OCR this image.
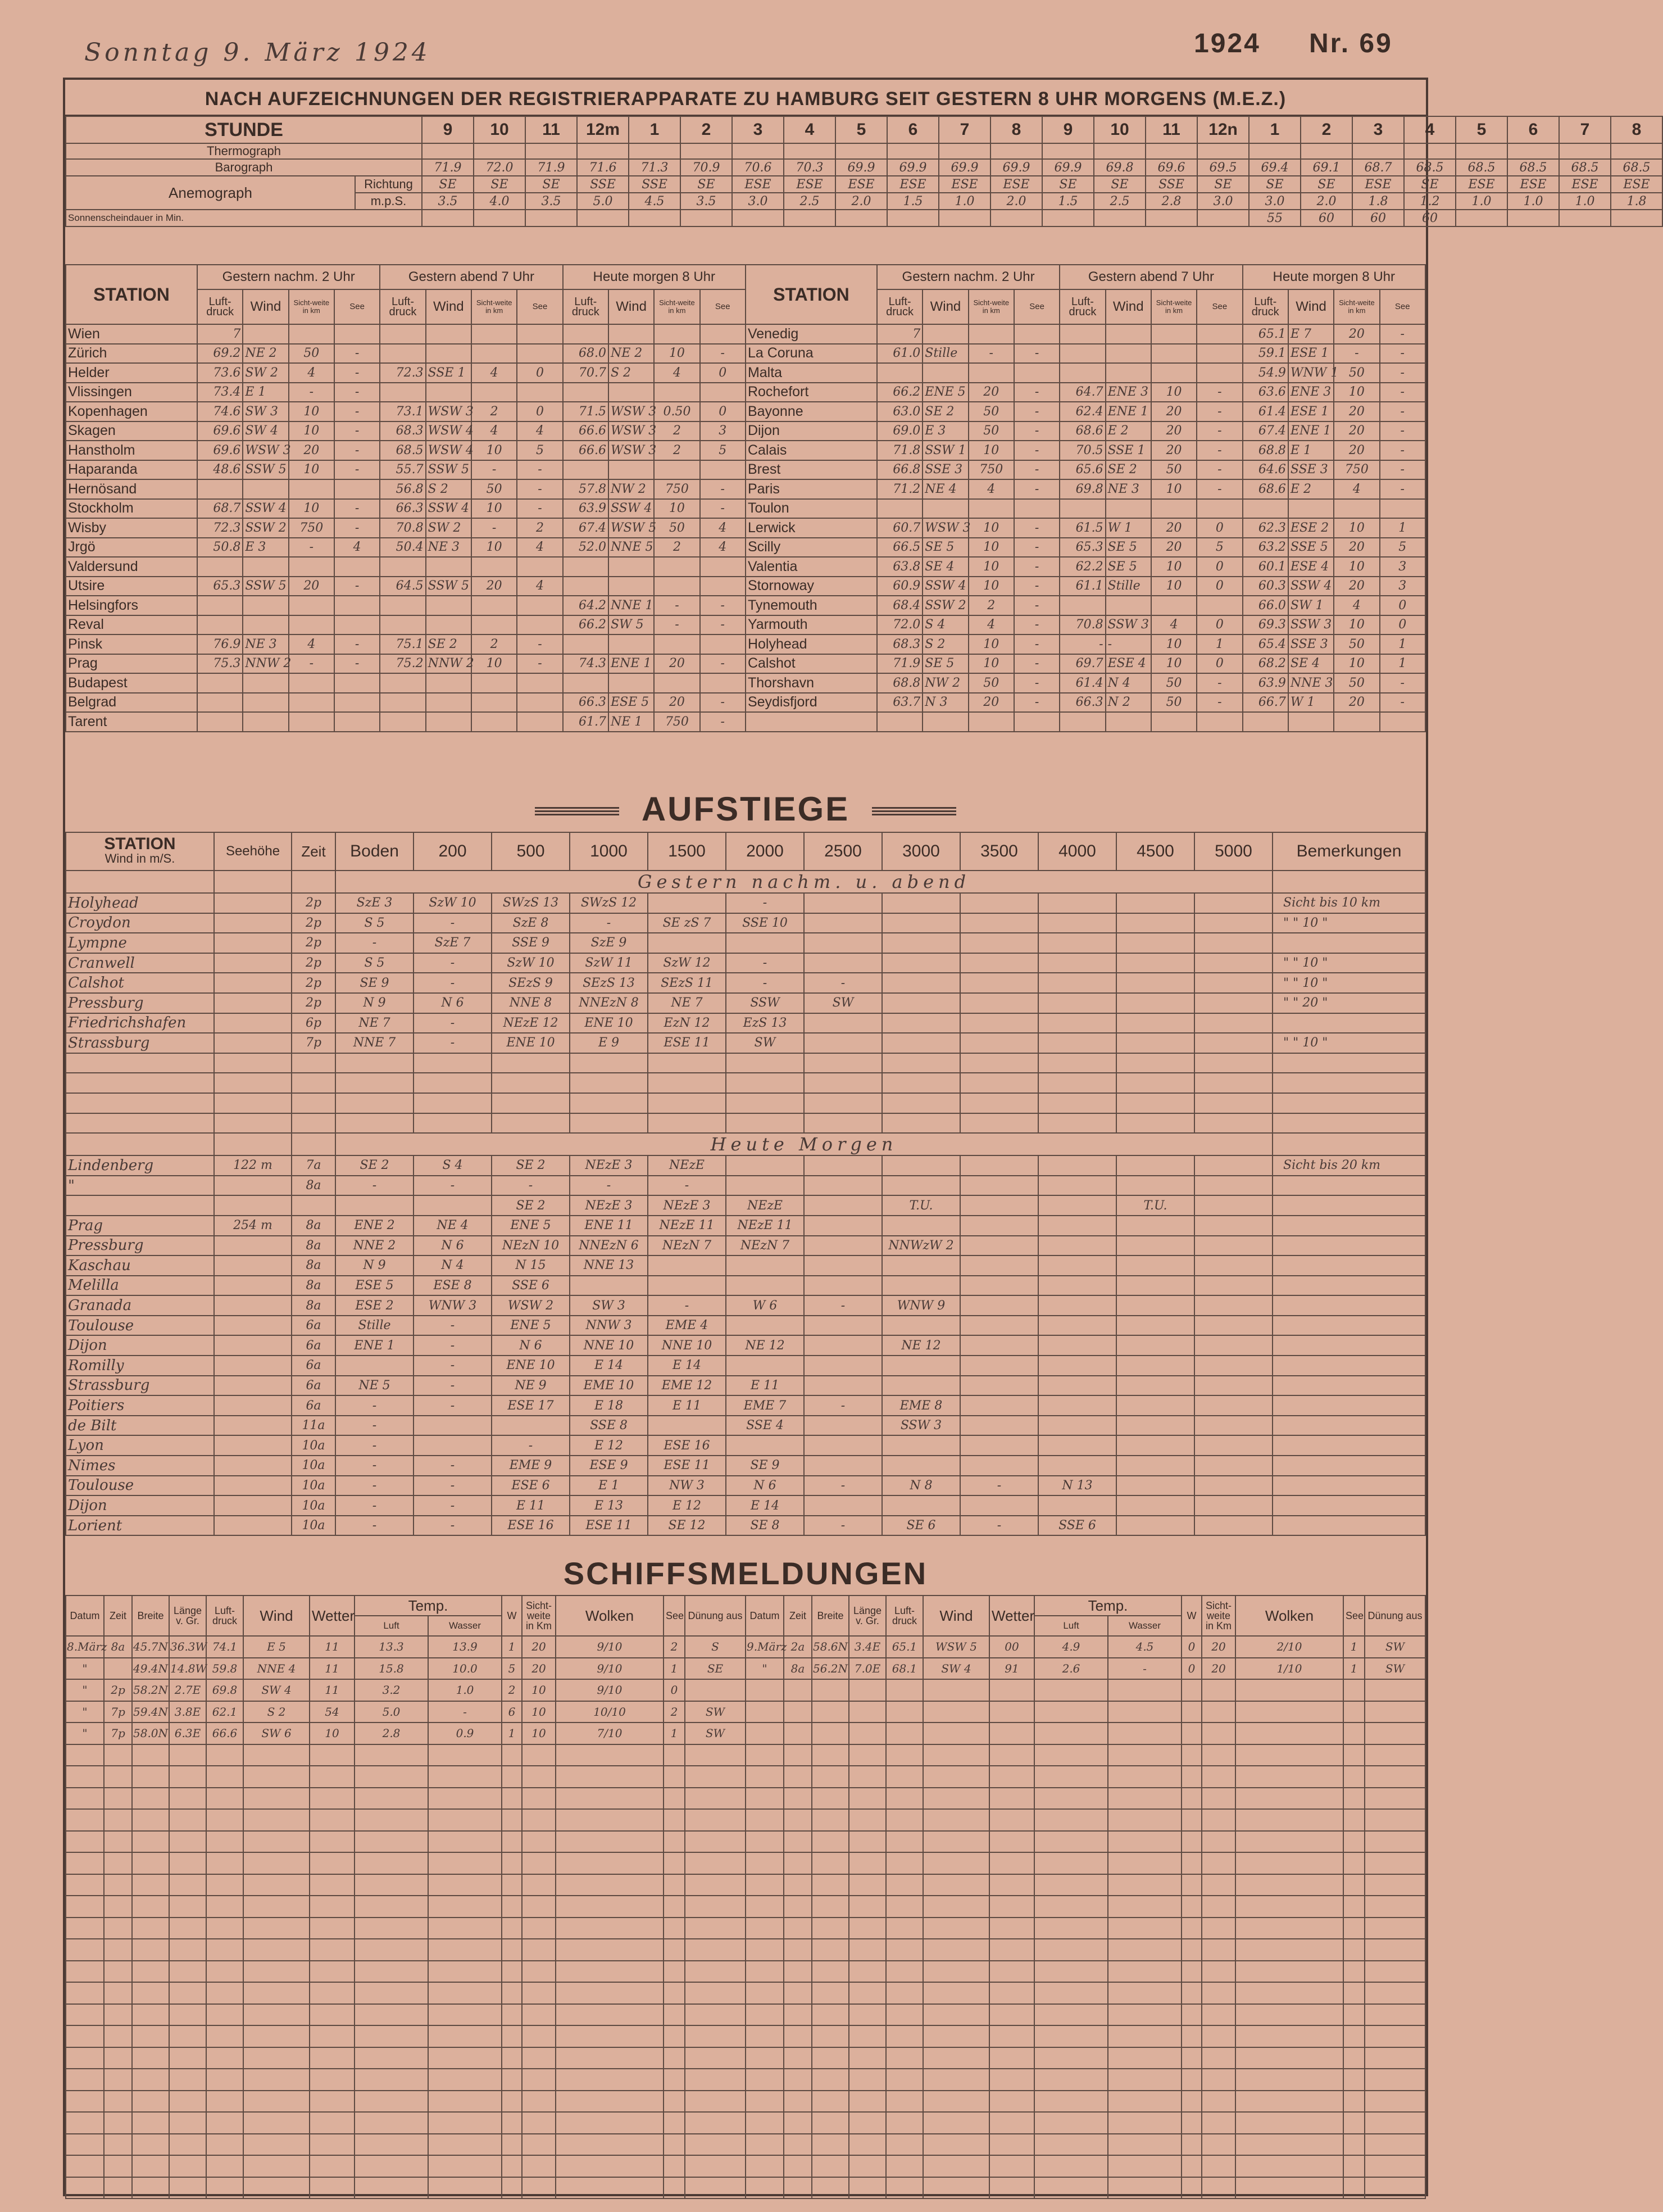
Sonntag 9. März 1924	1924 Nr. 69
NACH AUFZEICHNUNGEN DER REGISTRIERAPPARATE ZU HAMBURG SEIT GESTERN 8 UHR MORGENS (M.E.Z.)
STUNDE		9	10	11	12m	1	2	3	4	5	6	7	8	9	10	11	12n	1	2	3	4	5	6	7	8
Thermograph																									
Barograph		71.9	72.0	71.9	71.6	71.3	70.9	70.6	70.3	69.9	69.9	69.9	69.9	69.9	69.8	69.6	69.5	69.4	69.1	68.7	68.5	68.5	68.5	68.5	68.5
Anemograph	Richtung	SE	SE	SE	SSE	SSE	SE	ESE	ESE	ESE	ESE	ESE	ESE	SE	SE	SSE	SE	SE	SE	ESE	SE	ESE	ESE	ESE	ESE
	m.p.S.	3.5	4.0	3.5	5.0	4.5	3.5	3.0	2.5	2.0	1.5	1.0	2.0	1.5	2.5	2.8	3.0	3.0	2.0	1.8	1.2	1.0	1.0	1.0	1.8
Sonnenscheindauer in Min.																		55	60	60	60				
STATION	Gestern nachm. 2 Uhr				Gestern abend 7 Uhr				Heute morgen 8 Uhr				STATION	Gestern nachm. 2 Uhr				Gestern abend 7 Uhr				Heute morgen 8 Uhr			
	Luft-druck	Wind	Sicht-weite in km	See	Luft-druck	Wind	Sicht-weite in km	See	Luft-druck	Wind	Sicht-weite in km	See		Luft-druck	Wind	Sicht-weite in km	See	Luft-druck	Wind	Sicht-weite in km	See	Luft-druck	Wind	Sicht-weite in km	See
Wien	7												Venedig	7								65.1	E 7	20	-
Zürich	69.2	NE 2	50	-					68.0	NE 2	10	-	La Coruna	61.0	Stille	-	-					59.1	ESE 1	-	-
Helder	73.6	SW 2	4	-	72.3	SSE 1	4	0	70.7	S 2	4	0	Malta									54.9	WNW 1	50	-
Vlissingen	73.4	E 1	-	-									Rochefort	66.2	ENE 5	20	-	64.7	ENE 3	10	-	63.6	ENE 3	10	-
Kopenhagen	74.6	SW 3	10	-	73.1	WSW 3	2	0	71.5	WSW 3	0.50	0	Bayonne	63.0	SE 2	50	-	62.4	ENE 1	20	-	61.4	ESE 1	20	-
Skagen	69.6	SW 4	10	-	68.3	WSW 4	4	4	66.6	WSW 3	2	3	Dijon	69.0	E 3	50	-	68.6	E 2	20	-	67.4	ENE 1	20	-
Hanstholm	69.6	WSW 3	20	-	68.5	WSW 4	10	5	66.6	WSW 3	2	5	Calais	71.8	SSW 1	10	-	70.5	SSE 1	20	-	68.8	E 1	20	-
Haparanda	48.6	SSW 5	10	-	55.7	SSW 5	-	-					Brest	66.8	SSE 3	750	-	65.6	SE 2	50	-	64.6	SSE 3	750	-
Hernösand					56.8	S 2	50	-	57.8	NW 2	750	-	Paris	71.2	NE 4	4	-	69.8	NE 3	10	-	68.6	E 2	4	-
Stockholm	68.7	SSW 4	10	-	66.3	SSW 4	10	-	63.9	SSW 4	10	-	Toulon												
Wisby	72.3	SSW 2	750	-	70.8	SW 2	-	2	67.4	WSW 5	50	4	Lerwick	60.7	WSW 3	10	-	61.5	W 1	20	0	62.3	ESE 2	10	1
Jrgö	50.8	E 3	-	4	50.4	NE 3	10	4	52.0	NNE 5	2	4	Scilly	66.5	SE 5	10	-	65.3	SE 5	20	5	63.2	SSE 5	20	5
Valdersund													Valentia	63.8	SE 4	10	-	62.2	SE 5	10	0	60.1	ESE 4	10	3
Utsire	65.3	SSW 5	20	-	64.5	SSW 5	20	4					Stornoway	60.9	SSW 4	10	-	61.1	Stille	10	0	60.3	SSW 4	20	3
Helsingfors									64.2	NNE 1	-	-	Tynemouth	68.4	SSW 2	2	-					66.0	SW 1	4	0
Reval									66.2	SW 5	-	-	Yarmouth	72.0	S 4	4	-	70.8	SSW 3	4	0	69.3	SSW 3	10	0
Pinsk	76.9	NE 3	4	-	75.1	SE 2	2	-					Holyhead	68.3	S 2	10	-	-	-	10	1	65.4	SSE 3	50	1
Prag	75.3	NNW 2	-	-	75.2	NNW 2	10	-	74.3	ENE 1	20	-	Calshot	71.9	SE 5	10	-	69.7	ESE 4	10	0	68.2	SE 4	10	1
Budapest													Thorshavn	68.8	NW 2	50	-	61.4	N 4	50	-	63.9	NNE 3	50	-
Belgrad									66.3	ESE 5	20	-	Seydisfjord	63.7	N 3	20	-	66.3	N 2	50	-	66.7	W 1	20	-
Tarent									61.7	NE 1	750	-													
AUFSTIEGE
STATION
Wind in m/S.	Seehöhe	Zeit	Boden	200	500	1000	1500	2000	2500	3000	3500	4000	4500	5000	Bemerkungen
			Gestern nachm. u. abend												
Holyhead		2p	SzE 3	SzW 10	SWzS 13	SWzS 12		-							Sicht bis 10 km
Croydon		2p	S 5	-	SzE 8	-	SE zS 7	SSE 10							" " 10 "
Lympne		2p	-	SzE 7	SSE 9	SzE 9									
Cranwell		2p	S 5	-	SzW 10	SzW 11	SzW 12	-							" " 10 "
Calshot		2p	SE 9	-	SEzS 9	SEzS 13	SEzS 11	-	-						" " 10 "
Pressburg		2p	N 9	N 6	NNE 8	NNEzN 8	NE 7	SSW	SW						" " 20 "
Friedrichshafen		6p	NE 7	-	NEzE 12	ENE 10	EzN 12	EzS 13							
Strassburg		7p	NNE 7	-	ENE 10	E 9	ESE 11	SW							" " 10 "

			Heute Morgen												
Lindenberg	122 m	7a	SE 2	S 4	SE 2	NEzE 3	NEzE								Sicht bis 20 km
"		8a	-	-	-	-	-								
					SE 2	NEzE 3	NEzE 3	NEzE		T.U.			T.U.		
Prag	254 m	8a	ENE 2	NE 4	ENE 5	ENE 11	NEzE 11	NEzE 11							
Pressburg		8a	NNE 2	N 6	NEzN 10	NNEzN 6	NEzN 7	NEzN 7		NNWzW 2					
Kaschau		8a	N 9	N 4	N 15	NNE 13									
Melilla		8a	ESE 5	ESE 8	SSE 6										
Granada		8a	ESE 2	WNW 3	WSW 2	SW 3	-	W 6	-	WNW 9					
Toulouse		6a	Stille	-	ENE 5	NNW 3	EME 4								
Dijon		6a	ENE 1	-	N 6	NNE 10	NNE 10	NE 12		NE 12					
Romilly		6a		-	ENE 10	E 14	E 14								
Strassburg		6a	NE 5	-	NE 9	EME 10	EME 12	E 11							
Poitiers		6a	-	-	ESE 17	E 18	E 11	EME 7	-	EME 8					
de Bilt		11a	-			SSE 8		SSE 4		SSW 3					
Lyon		10a	-		-	E 12	ESE 16								
Nimes		10a	-	-	EME 9	ESE 9	ESE 11	SE 9							
Toulouse		10a	-	-	ESE 6	E 1	NW 3	N 6	-	N 8	-	N 13			
Dijon		10a	-	-	E 11	E 13	E 12	E 14							
Lorient		10a	-	-	ESE 16	ESE 11	SE 12	SE 8	-	SE 6	-	SSE 6			
SCHIFFSMELDUNGEN
Datum	Zeit	Breite	Länge v. Gr.	Luft-druck	Wind	Wetter	Temp.		W	Sicht-weite in Km	Wolken	See	Dünung aus	Datum	Zeit	Breite	Länge v. Gr.	Luft-druck	Wind	Wetter	Temp.		W	Sicht-weite in Km	Wolken	See	Dünung aus
							Luft	Wasser													Luft	Wasser					
8.März	8a	45.7N	36.3W	74.1	E 5	11	13.3	13.9	1	20	9/10	2	S	9.März	2a	58.6N	3.4E	65.1	WSW 5	00	4.9	4.5	0	20	2/10	1	SW
"		49.4N	14.8W	59.8	NNE 4	11	15.8	10.0	5	20	9/10	1	SE	"	8a	56.2N	7.0E	68.1	SW 4	91	2.6	-	0	20	1/10	1	SW
"	2p	58.2N	2.7E	69.8	SW 4	11	3.2	1.0	2	10	9/10	0															
"	7p	59.4N	3.8E	62.1	S 2	54	5.0	-	6	10	10/10	2	SW														
"	7p	58.0N	6.3E	66.6	SW 6	10	2.8	0.9	1	10	7/10	1	SW														
